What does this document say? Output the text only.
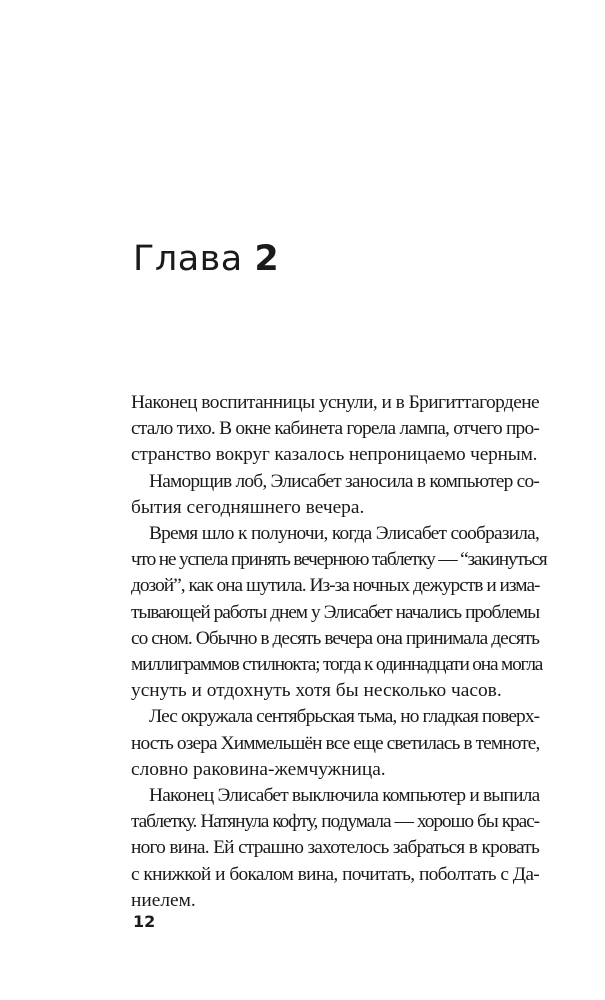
Глава 2

Наконец воспитанницы уснули, и в Бригиттагордене
стало тихо. В окне кабинета горела лампа, отчего про-
странство вокруг казалось непроницаемо черным.

Наморщив лоб, Элисабет заносила в компьютер со-
бытия сегодняшнего вечера.

Время шло к полуночи, когда Элисабет сообразила,
что не успела принять вечернюю таблетку — “закинуться
дозой”, как она шутила. Из-за ночных дежурств и изма-
тывающей работы днем у Элисабет начались проблемы
со сном. Обычно в десять вечера она принимала десять
миллиграммов стилнокта; тогда к одиннадцати она могла
уснуть и отдохнуть хотя бы несколько часов.

Лес окружала сентябрьская тьма, но гладкая поверх-
ность озера Химмельшён все еще светилась в темноте,
словно раковина-жемчужница.

Наконец Элисабет выключила компьютер и выпила
таблетку. Натянула кофту, подумала — хорошо бы крас-
ного вина. Ей страшно захотелось забраться в кровать
с книжкой и бокалом вина, почитать, поболтать с Да-
ниелем.

12
